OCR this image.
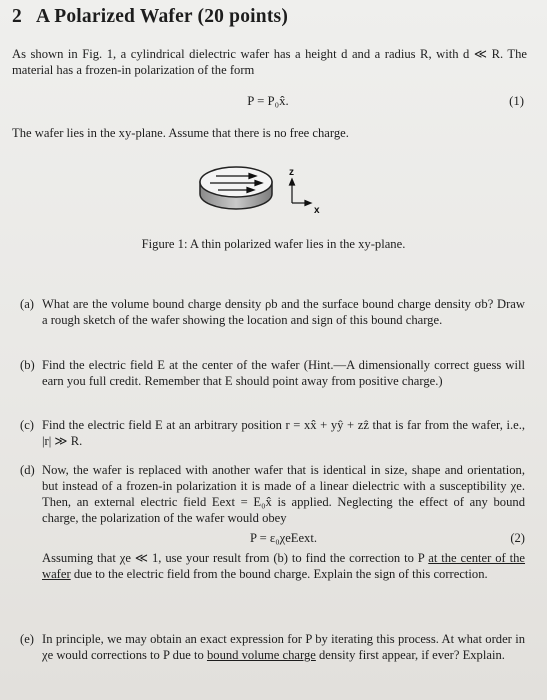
2 A Polarized Wafer (20 points)
As shown in Fig. 1, a cylindrical dielectric wafer has a height d and a radius R, with d ≪ R. The material has a frozen-in polarization of the form
P = P₀x̂.	(1)
The wafer lies in the xy-plane. Assume that there is no free charge.
z
x
Figure 1: A thin polarized wafer lies in the xy-plane.
(a) What are the volume bound charge density ρb and the surface bound charge density σb? Draw a rough sketch of the wafer showing the location and sign of this bound charge.
(b) Find the electric field E at the center of the wafer (Hint.—A dimensionally correct guess will earn you full credit. Remember that E should point away from positive charge.)
(c) Find the electric field E at an arbitrary position r = xx̂ + yŷ + zẑ that is far from the wafer, i.e., |r| ≫ R.
(d) Now, the wafer is replaced with another wafer that is identical in size, shape and orientation, but instead of a frozen-in polarization it is made of a linear dielectric with a susceptibility χe. Then, an external electric field Eext = E₀x̂ is applied. Neglecting the effect of any bound charge, the polarization of the wafer would obey
P = ε₀χeEext.	(2)
Assuming that χe ≪ 1, use your result from (b) to find the correction to P at the center of the wafer due to the electric field from the bound charge. Explain the sign of this correction.
(e) In principle, we may obtain an exact expression for P by iterating this process. At what order in χe would corrections to P due to bound volume charge density first appear, if ever? Explain.
